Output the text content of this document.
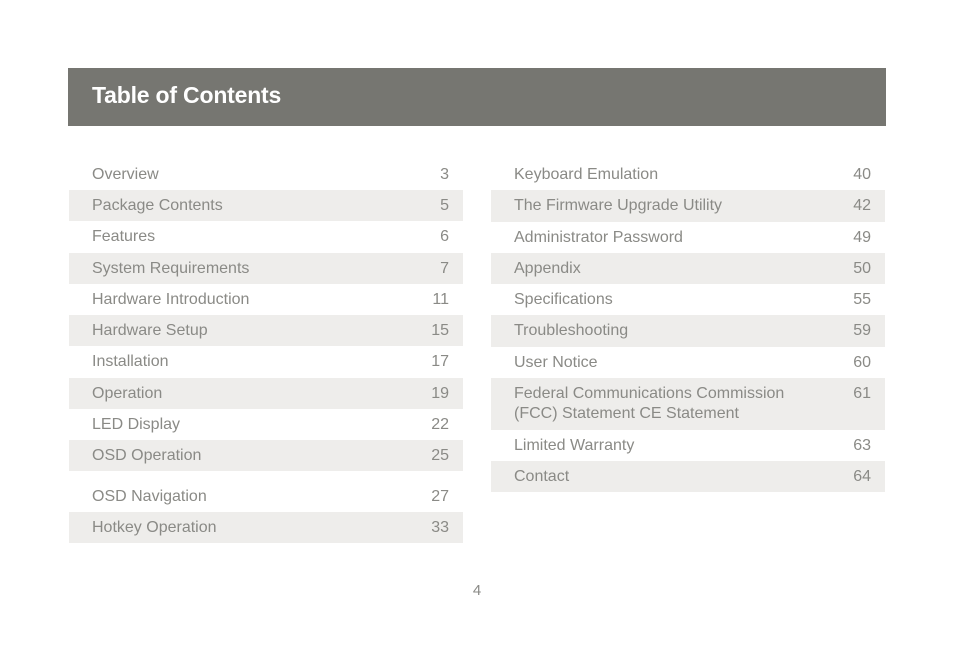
Table of Contents
Overview	3
Package Contents	5
Features	6
System Requirements	7
Hardware Introduction	11
Hardware Setup	15
Installation	17
Operation	19
LED Display	22
OSD Operation	25
OSD Navigation	27
Hotkey Operation	33
Keyboard Emulation	40
The Firmware Upgrade Utility	42
Administrator Password	49
Appendix	50
Specifications	55
Troubleshooting	59
User Notice	60
Federal Communications Commission
(FCC) Statement CE Statement
61
Limited Warranty	63
Contact	64
4
